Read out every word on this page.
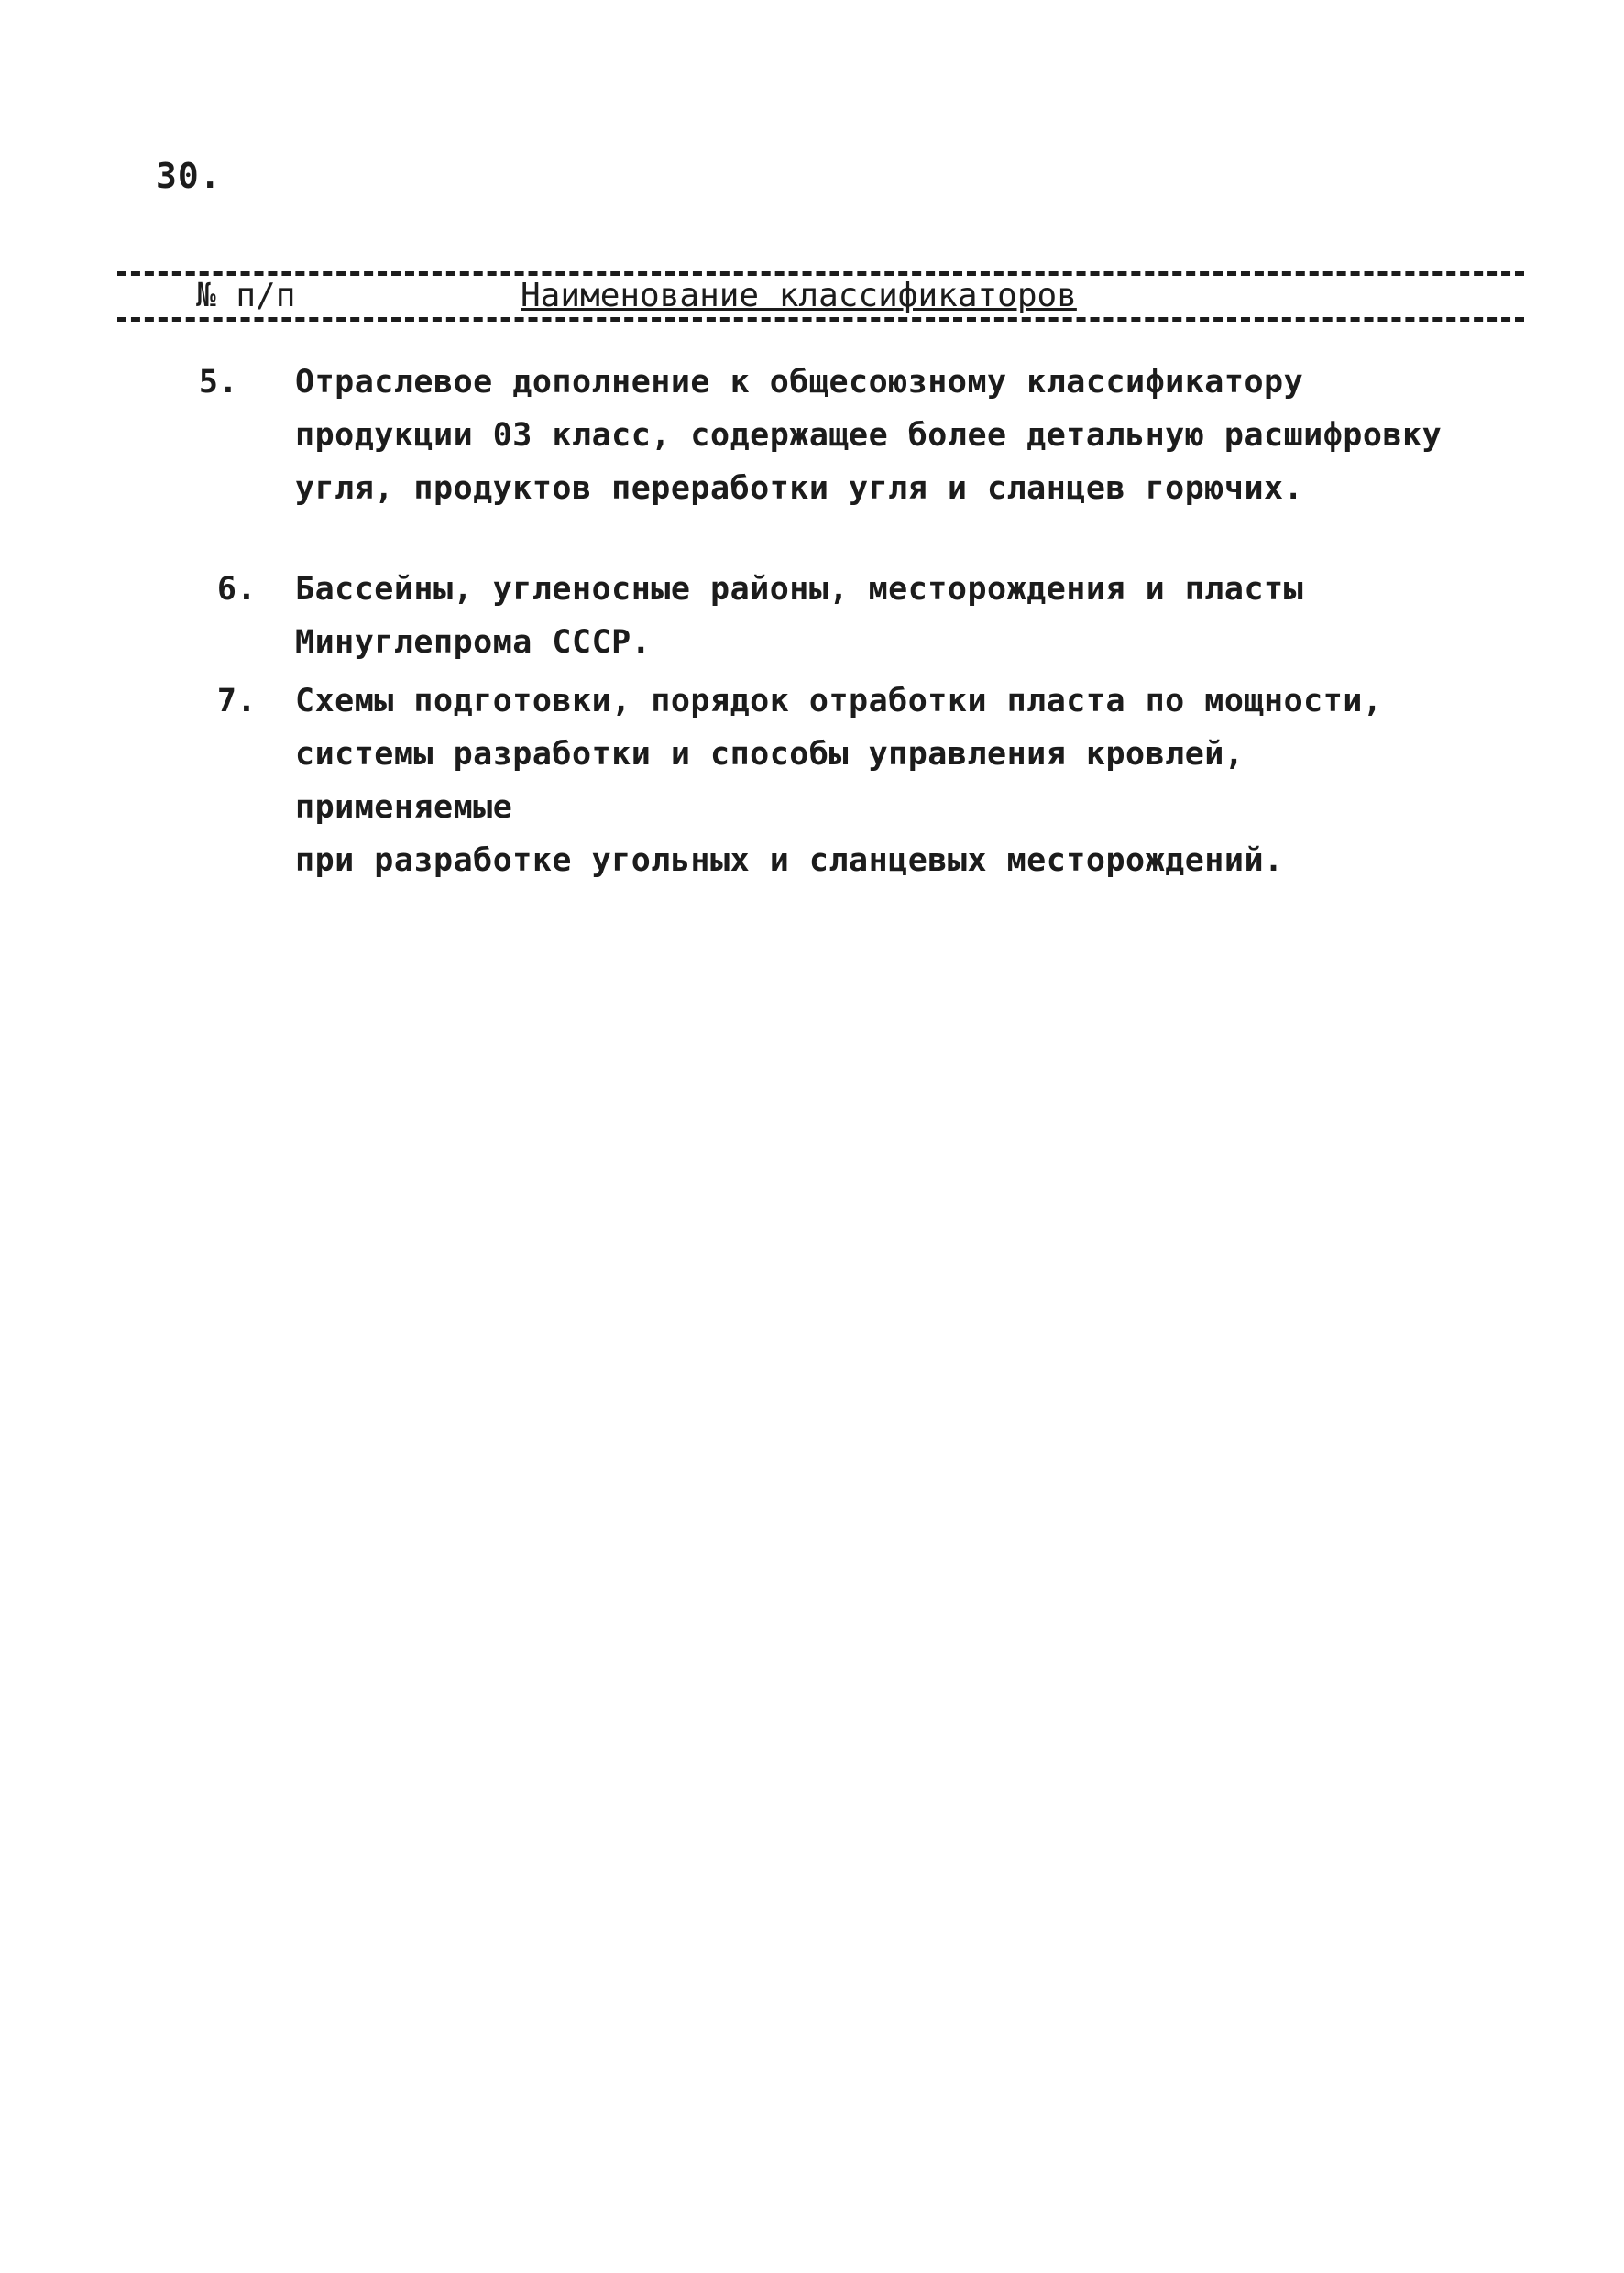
30.
№ п/п	Наименование классификаторов
5. Отраслевое дополнение к общесоюзному классификатору
продукции 03 класс, содержащее более детальную расшифровку
угля, продуктов переработки угля и сланцев горючих.
6. Бассейны, угленосные районы, месторождения и пласты
Минуглепрома СССР.
7. Схемы подготовки, порядок отработки пласта по мощности,
системы разработки и способы управления кровлей, применяемые
при разработке угольных и сланцевых месторождений.
